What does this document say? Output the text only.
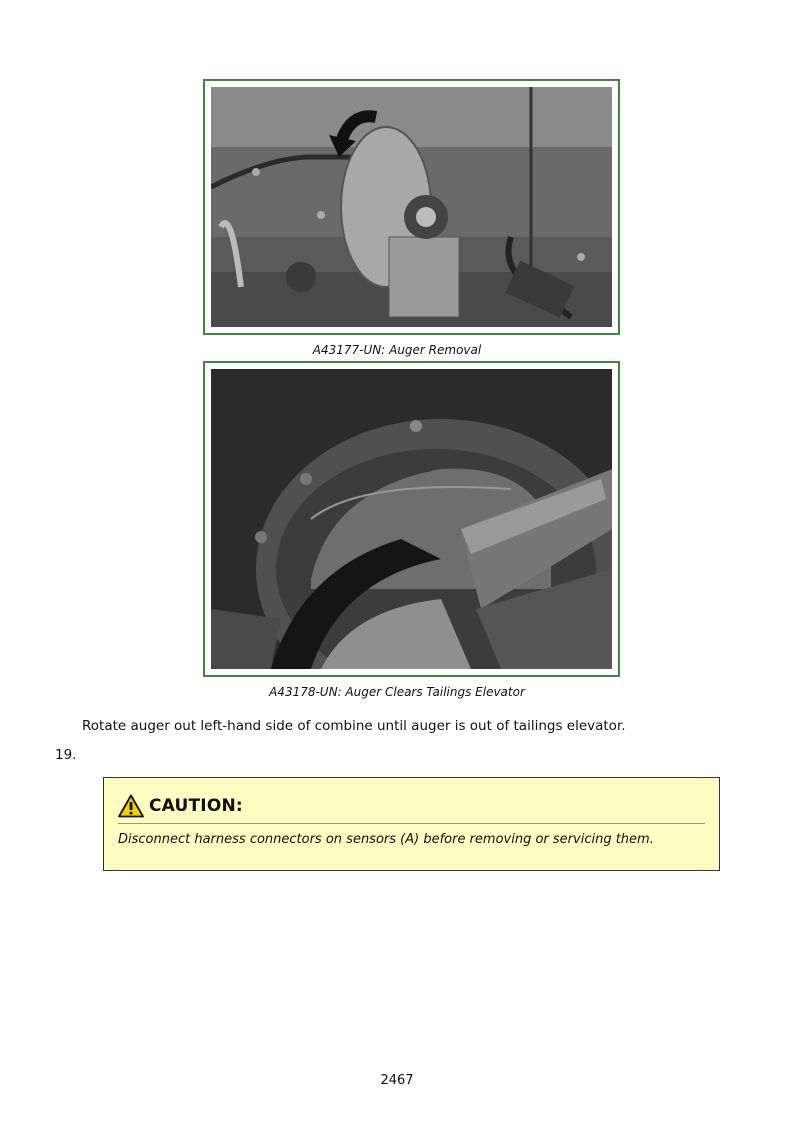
A43177-UN: Auger Removal
A43178-UN: Auger Clears Tailings Elevator
Rotate auger out left-hand side of combine until auger is out of tailings elevator.
19.
CAUTION:
Disconnect harness connectors on sensors (A) before removing or servicing them.
2467
